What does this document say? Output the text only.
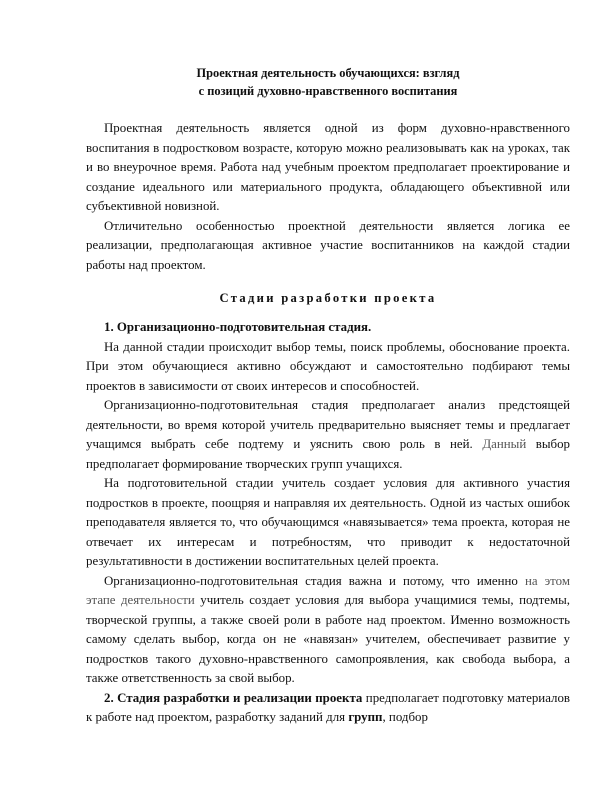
Проектная деятельность обучающихся: взгляд
с позиций духовно-нравственного воспитания

Проектная деятельность является одной из форм духовно-нравственного воспитания в подростковом возрасте, которую можно реализовывать как на уроках, так и во внеурочное время. Работа над учебным проектом предполагает проектирование и создание идеального или материального продукта, обладающего объективной или субъективной новизной.

Отличительно особенностью проектной деятельности является логика ее реализации, предполагающая активное участие воспитанников на каждой стадии работы над проектом.

Стадии разработки проекта
1. Организационно-подготовительная стадия.

На данной стадии происходит выбор темы, поиск проблемы, обоснование проекта. При этом обучающиеся активно обсуждают и самостоятельно подбирают темы проектов в зависимости от своих интересов и способностей.

Организационно-подготовительная стадия предполагает анализ предстоящей деятельности, во время которой учитель предварительно выясняет темы и предлагает учащимся выбрать себе подтему и уяснить свою роль в ней. Данный выбор предполагает формирование творческих групп учащихся.

На подготовительной стадии учитель создает условия для активного участия подростков в проекте, поощряя и направляя их деятельность. Одной из частых ошибок преподавателя является то, что обучающимся «навязывается» тема проекта, которая не отвечает их интересам и потребностям, что приводит к недостаточной результативности в достижении воспитательных целей проекта.

Организационно-подготовительная стадия важна и потому, что именно на этом этапе деятельности учитель создает условия для выбора учащимися темы, подтемы, творческой группы, а также своей роли в работе над проектом. Именно возможность самому сделать выбор, когда он не «навязан» учителем, обеспечивает развитие у подростков такого духовно-нравственного самопроявления, как свобода выбора, а также ответственность за свой выбор.

2. Стадия разработки и реализации проекта предполагает подготовку материалов к работе над проектом, разработку заданий для групп, подбор
